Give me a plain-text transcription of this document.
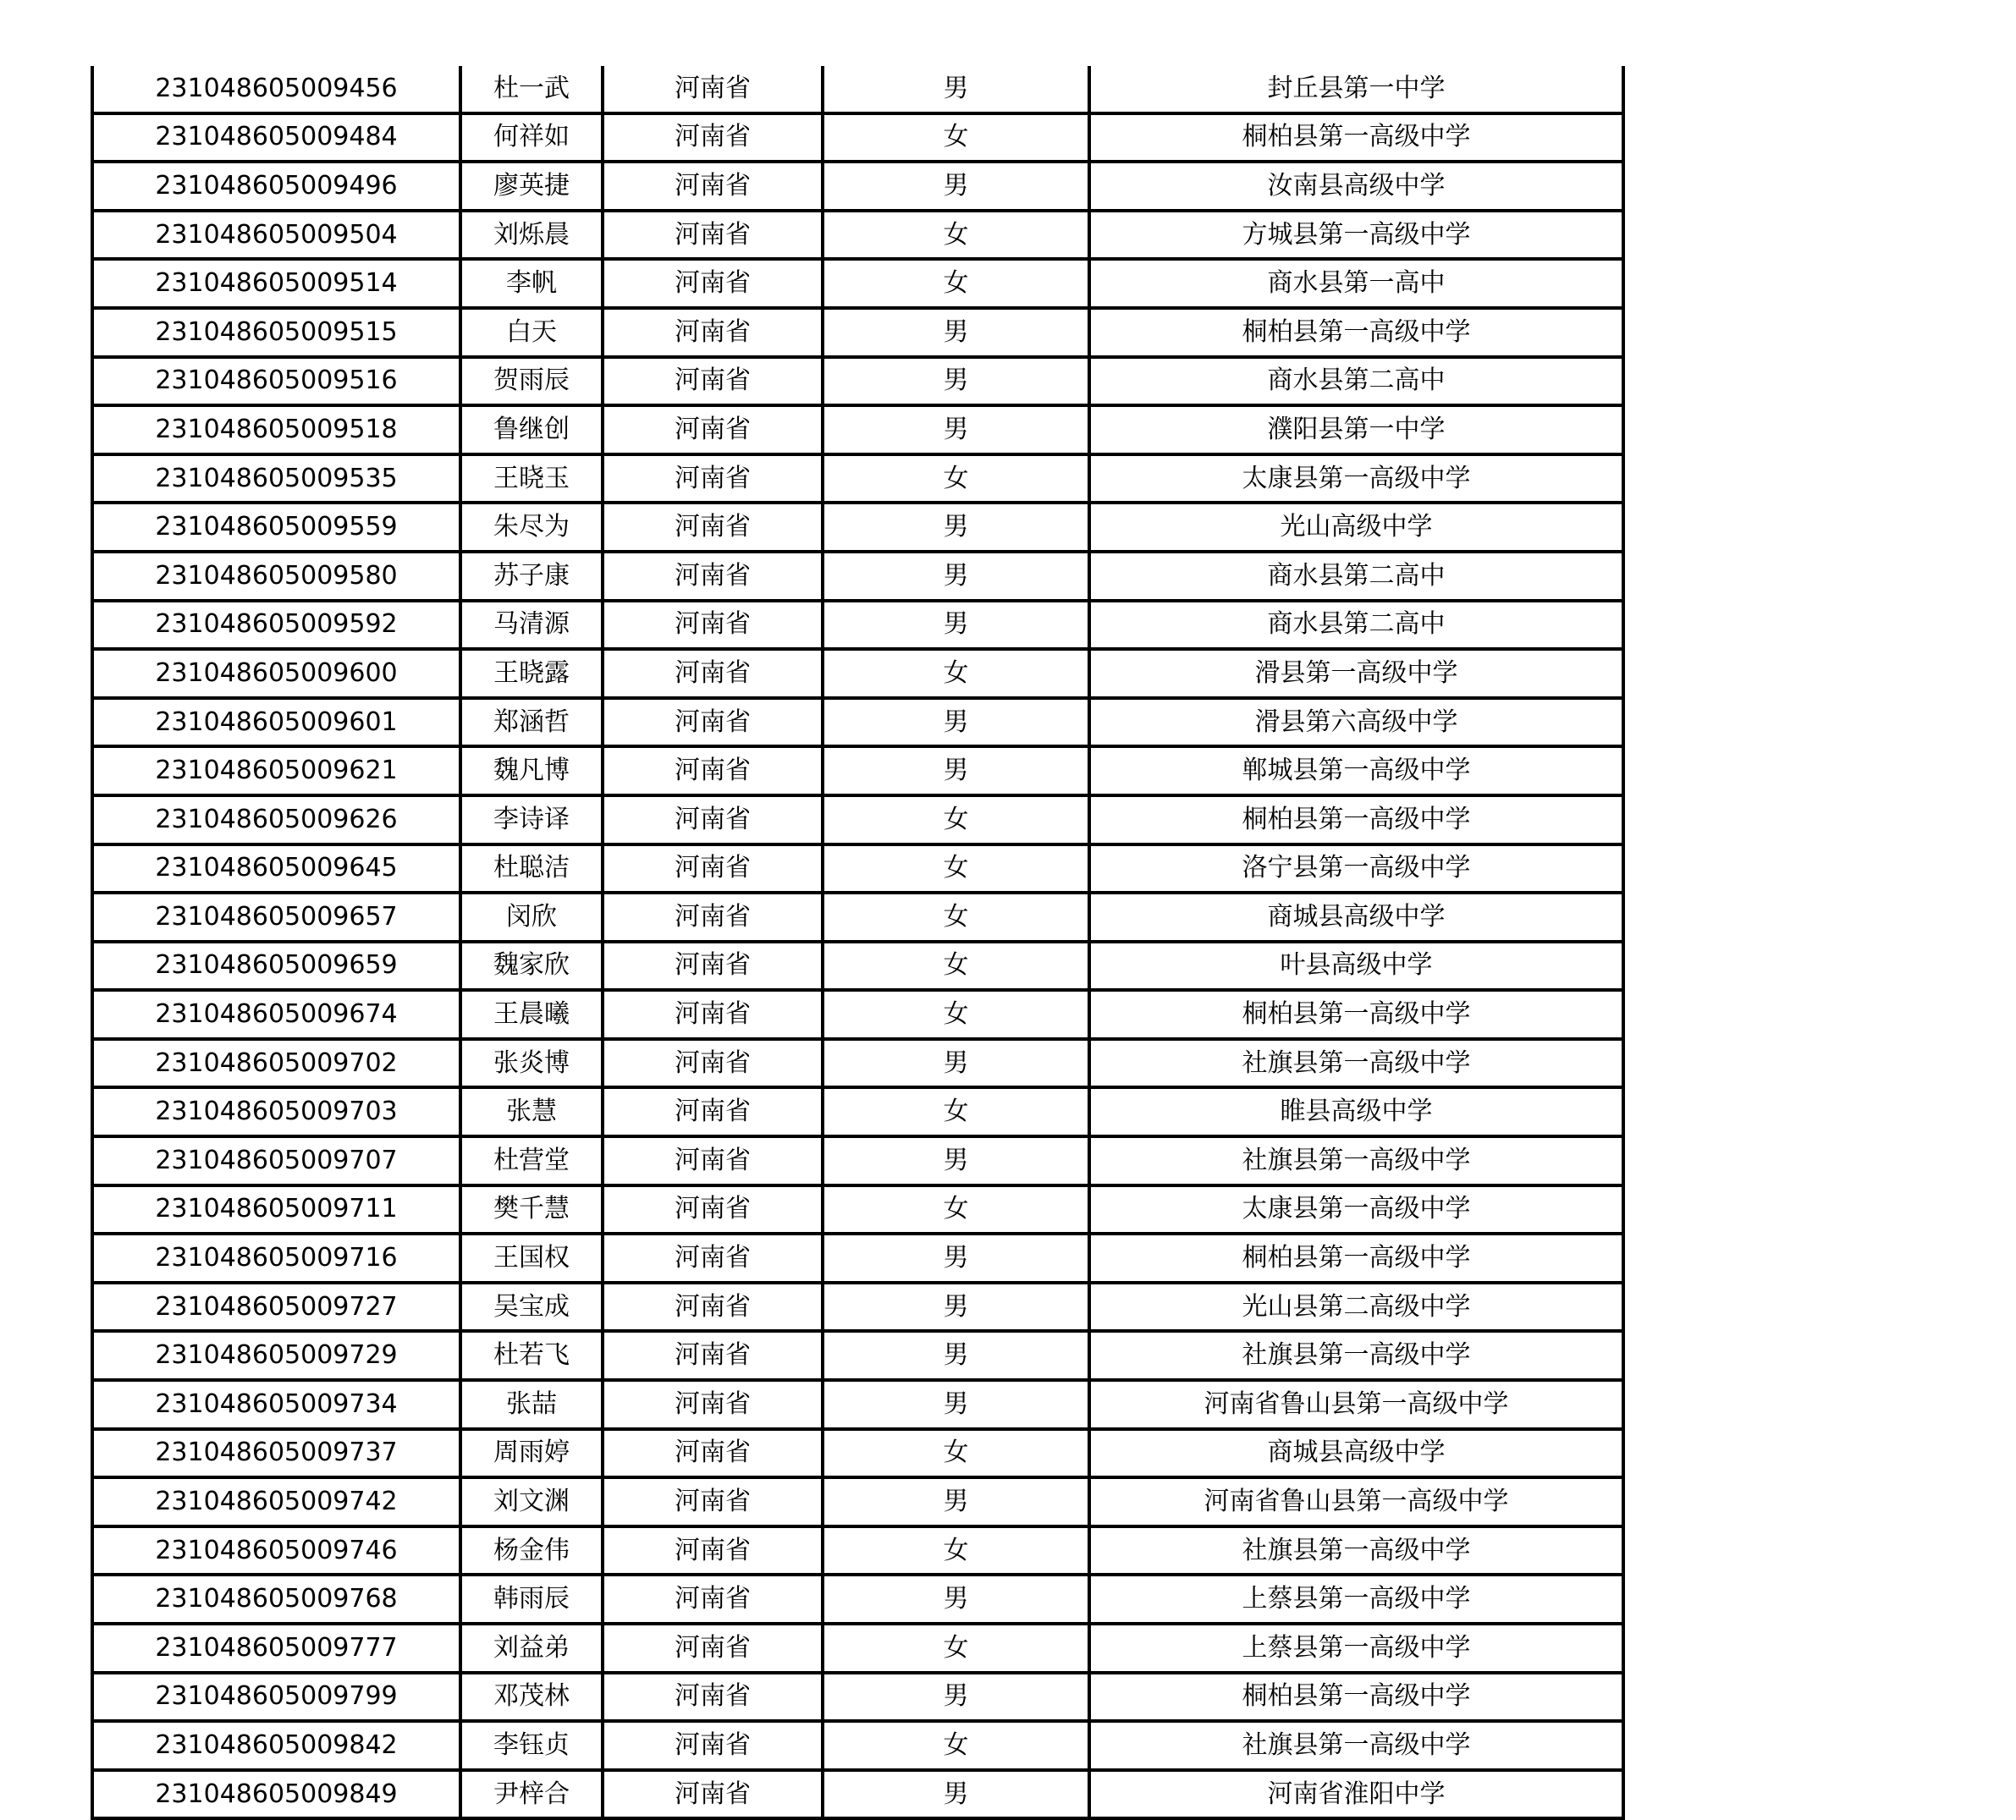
231048605009456	杜一武	河南省	男	封丘县第一中学
231048605009484	何祥如	河南省	女	桐柏县第一高级中学
231048605009496	廖英捷	河南省	男	汝南县高级中学
231048605009504	刘烁晨	河南省	女	方城县第一高级中学
231048605009514	李帆	河南省	女	商水县第一高中
231048605009515	白天	河南省	男	桐柏县第一高级中学
231048605009516	贺雨辰	河南省	男	商水县第二高中
231048605009518	鲁继创	河南省	男	濮阳县第一中学
231048605009535	王晓玉	河南省	女	太康县第一高级中学
231048605009559	朱尽为	河南省	男	光山高级中学
231048605009580	苏子康	河南省	男	商水县第二高中
231048605009592	马清源	河南省	男	商水县第二高中
231048605009600	王晓露	河南省	女	滑县第一高级中学
231048605009601	郑涵哲	河南省	男	滑县第六高级中学
231048605009621	魏凡博	河南省	男	郸城县第一高级中学
231048605009626	李诗译	河南省	女	桐柏县第一高级中学
231048605009645	杜聪洁	河南省	女	洛宁县第一高级中学
231048605009657	闵欣	河南省	女	商城县高级中学
231048605009659	魏家欣	河南省	女	叶县高级中学
231048605009674	王晨曦	河南省	女	桐柏县第一高级中学
231048605009702	张炎博	河南省	男	社旗县第一高级中学
231048605009703	张慧	河南省	女	睢县高级中学
231048605009707	杜营堂	河南省	男	社旗县第一高级中学
231048605009711	樊千慧	河南省	女	太康县第一高级中学
231048605009716	王国权	河南省	男	桐柏县第一高级中学
231048605009727	吴宝成	河南省	男	光山县第二高级中学
231048605009729	杜若飞	河南省	男	社旗县第一高级中学
231048605009734	张喆	河南省	男	河南省鲁山县第一高级中学
231048605009737	周雨婷	河南省	女	商城县高级中学
231048605009742	刘文渊	河南省	男	河南省鲁山县第一高级中学
231048605009746	杨金伟	河南省	女	社旗县第一高级中学
231048605009768	韩雨辰	河南省	男	上蔡县第一高级中学
231048605009777	刘益弟	河南省	女	上蔡县第一高级中学
231048605009799	邓茂林	河南省	男	桐柏县第一高级中学
231048605009842	李钰贞	河南省	女	社旗县第一高级中学
231048605009849	尹梓合	河南省	男	河南省淮阳中学
